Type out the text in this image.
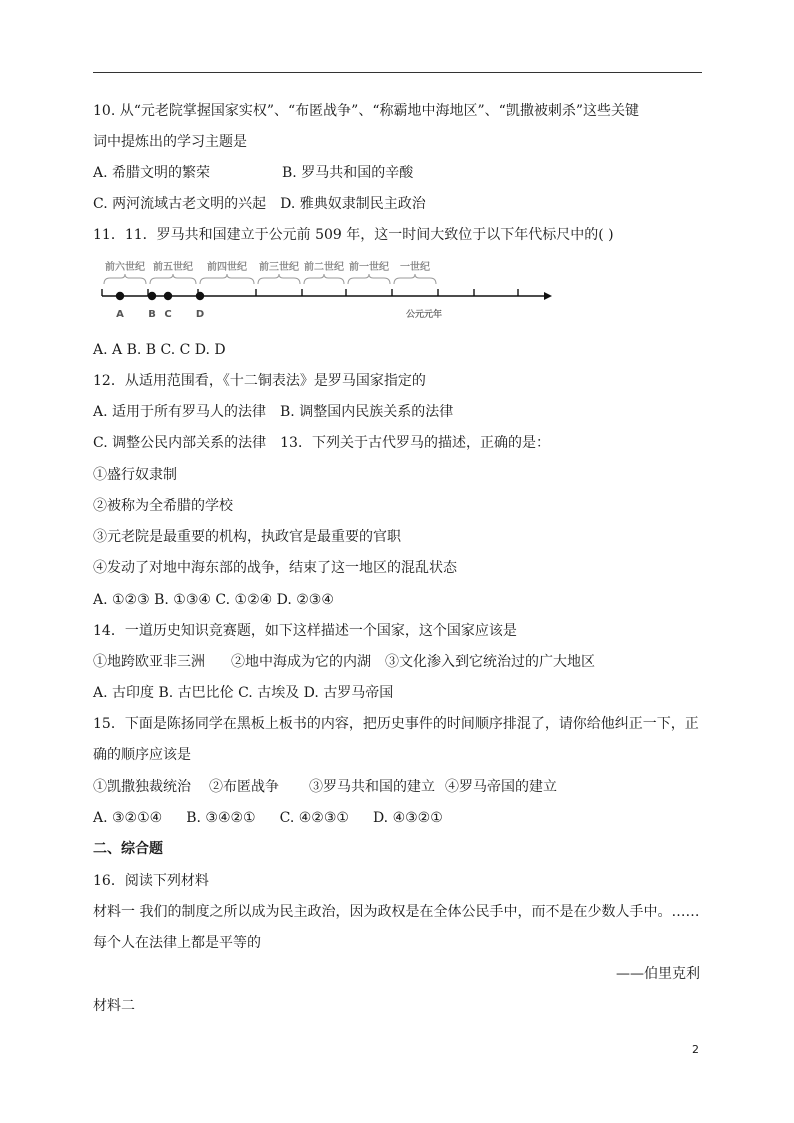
10. 从“元老院掌握国家实权”、“布匿战争”、“称霸地中海地区”、“凯撒被刺杀”这些关键
词中提炼出的学习主题是
A. 希腊文明的繁荣	B. 罗马共和国的辛酸
C. 两河流域古老文明的兴起 D. 雅典奴隶制民主政治
11．11．罗马共和国建立于公元前 509 年，这一时间大致位于以下年代标尺中的( )
前六世纪 前五世纪 前四世纪 前三世纪 前二世纪 前一世纪 一世纪
A B C D	公元元年
A. A B. B C. C D. D
12．从适用范围看，《十二铜表法》是罗马国家指定的
A. 适用于所有罗马人的法律 B. 调整国内民族关系的法律
C. 调整公民内部关系的法律 13．下列关于古代罗马的描述，正确的是：
①盛行奴隶制
②被称为全希腊的学校
③元老院是最重要的机构，执政官是最重要的官职
④发动了对地中海东部的战争，结束了这一地区的混乱状态
A. ①②③ B. ①③④ C. ①②④ D. ②③④
14．一道历史知识竞赛题，如下这样描述一个国家，这个国家应该是
①地跨欧亚非三洲 ②地中海成为它的内湖 ③文化渗入到它统治过的广大地区
A. 古印度 B. 古巴比伦 C. 古埃及 D. 古罗马帝国
15．下面是陈扬同学在黑板上板书的内容，把历史事件的时间顺序排混了，请你给他纠正一下，正
确的顺序应该是
①凯撒独裁统治 ②布匿战争 ③罗马共和国的建立 ④罗马帝国的建立
A. ③②①④ B. ③④②① C. ④②③① D. ④③②①
二、综合题
16．阅读下列材料
材料一 我们的制度之所以成为民主政治，因为政权是在全体公民手中，而不是在少数人手中。……
每个人在法律上都是平等的
——伯里克利
材料二
2
